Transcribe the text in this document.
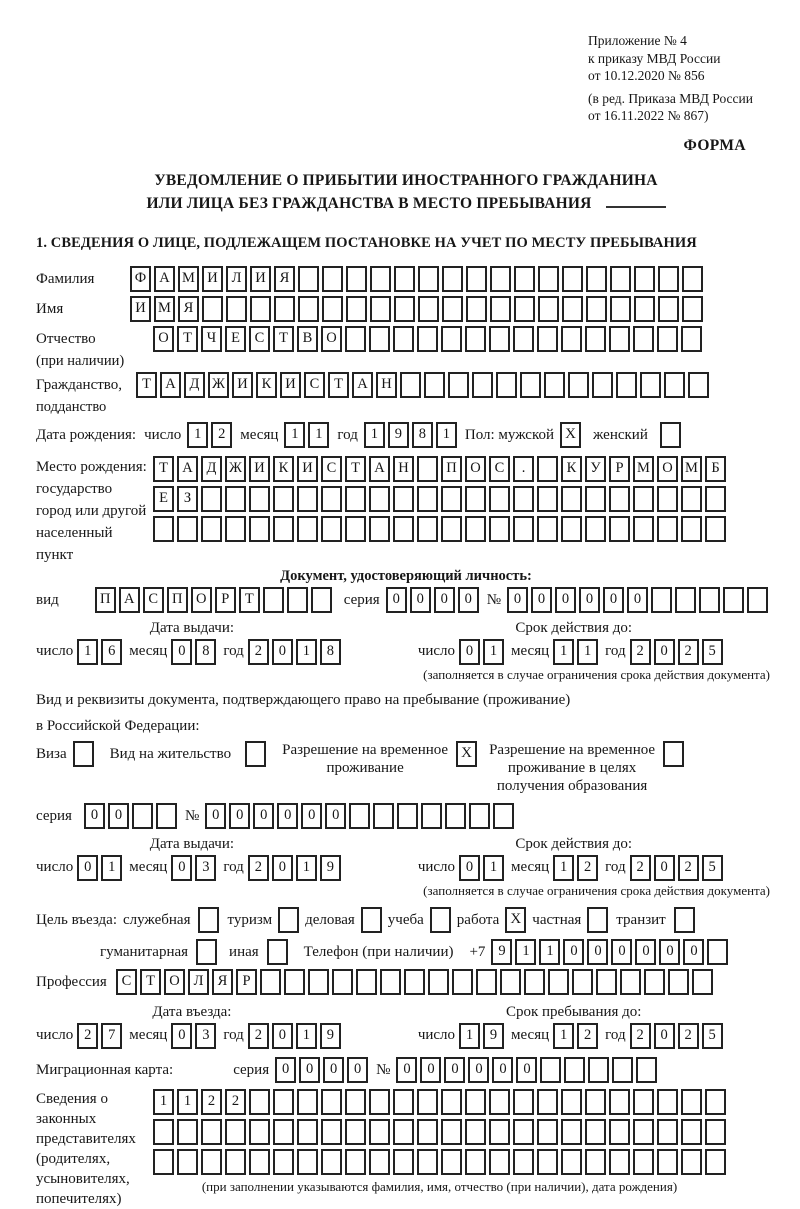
Приложение № 4
к приказу МВД России
от 10.12.2020 № 856
(в ред. Приказа МВД России
от 16.11.2022 № 867)
ФОРМА
УВЕДОМЛЕНИЕ О ПРИБЫТИИ ИНОСТРАННОГО ГРАЖДАНИНА
ИЛИ ЛИЦА БЕЗ ГРАЖДАНСТВА В МЕСТО ПРЕБЫВАНИЯ
1. СВЕДЕНИЯ О ЛИЦЕ, ПОДЛЕЖАЩЕМ ПОСТАНОВКЕ НА УЧЕТ ПО МЕСТУ ПРЕБЫВАНИЯ
Фамилия	Ф А М И Л И Я
Имя	И М Я
Отчество
(при наличии)
О Т	Ч	Е	С	Т	В О
Гражданство,
подданство
Т А Д Ж И К И С	Т А Н
Дата рождения: число 1	2 месяц 1	1 год 1	9	8	1 Пол: мужской X	женский
Место рождения:
государство
город или другой
населенный пункт
Т А Д Ж И К И С	Т А Н	П О С	.	К У	Р М О М Б
Е	З
Документ, удостоверяющий личность:
вид	П А С П О	Р	Т	серия 0	0	0	0 № 0	0	0	0	0	0
Дата выдачи:
число 1	6 месяц 0	8 год 2	0	1	8
Срок действия до:
число 0	1 месяц 1	1 год 2	0	2	5
(заполняется в случае ограничения срока действия документа)
Вид и реквизиты документа, подтверждающего право на пребывание (проживание)
в Российской Федерации:
Виза	Вид на жительство	Разрешение на временное
проживание
X	Разрешение на временное
проживание в целях
получения образования
серия	0	0	№ 0	0	0	0	0	0
Дата выдачи:
число 0	1 месяц 0	3 год 2	0	1	9
Срок действия до:
число 0	1 месяц 1	2 год 2	0	2	5
(заполняется в случае ограничения срока действия документа)
Цель въезда: служебная туризм деловая учеба работа X частная транзит
гуманитарная	иная	Телефон (при наличии) +7 9	1	1	0	0	0	0	0	0
Профессия	С	Т О Л Я	Р
Дата въезда:
число 2	7 месяц 0	3 год 2	0	1	9
Срок пребывания до:
число 1	9 месяц 1	2 год 2	0	2	5
Миграционная карта:	серия 0	0	0	0 № 0	0	0	0	0	0
Сведения о
законных
представителях
(родителях,
усыновителях,
попечителях)
1	1	2	2
(при заполнении указываются фамилия, имя, отчество (при наличии), дата рождения)
